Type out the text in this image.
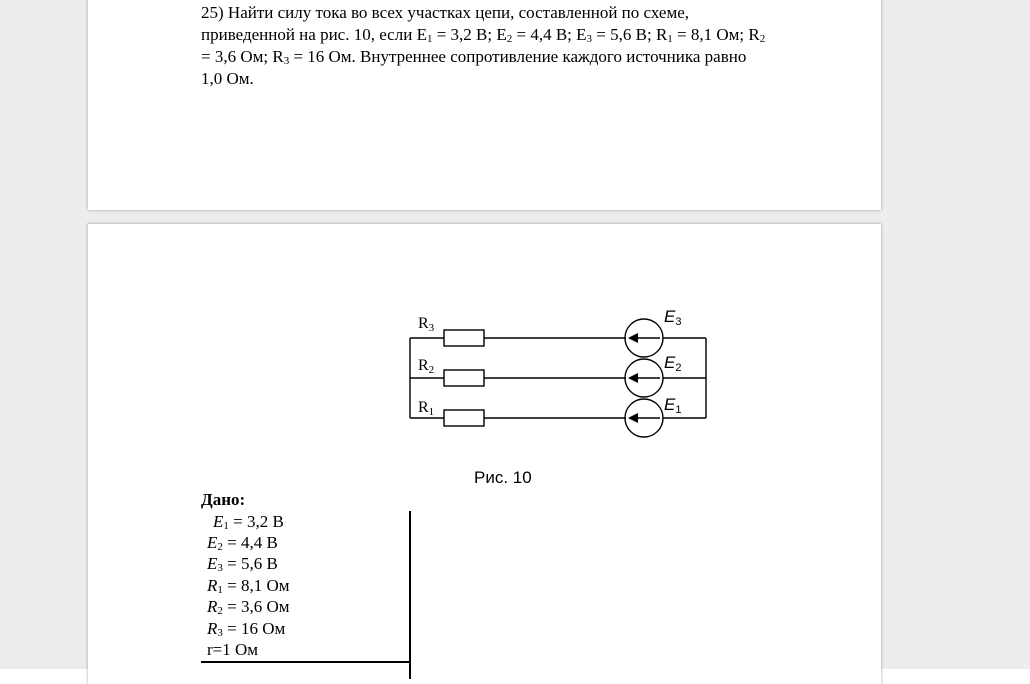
25) Найти силу тока во всех участках цепи, составленной по схеме,
приведенной на рис. 10, если $E_1 = 3,2$ В; $E_2 = 4,4$ В; $E_3 = 5,6$ В; $R_1 = 8,1$ Ом; $R_2$
= 3,6 Ом; $R_3 = 16$ Ом. Внутреннее сопротивление каждого источника равно
1,0 Ом.
R3
R2
R1
E3
E2
E1
Рис. 10
Дано:
$E_1 = 3,2$ В
$E_2 = 4,4$ В
$E_3 = 5,6$ В
$R_1 = 8,1$ Ом
$R_2 = 3,6$ Ом
$R_3 = 16$ Ом
r=1 Ом
